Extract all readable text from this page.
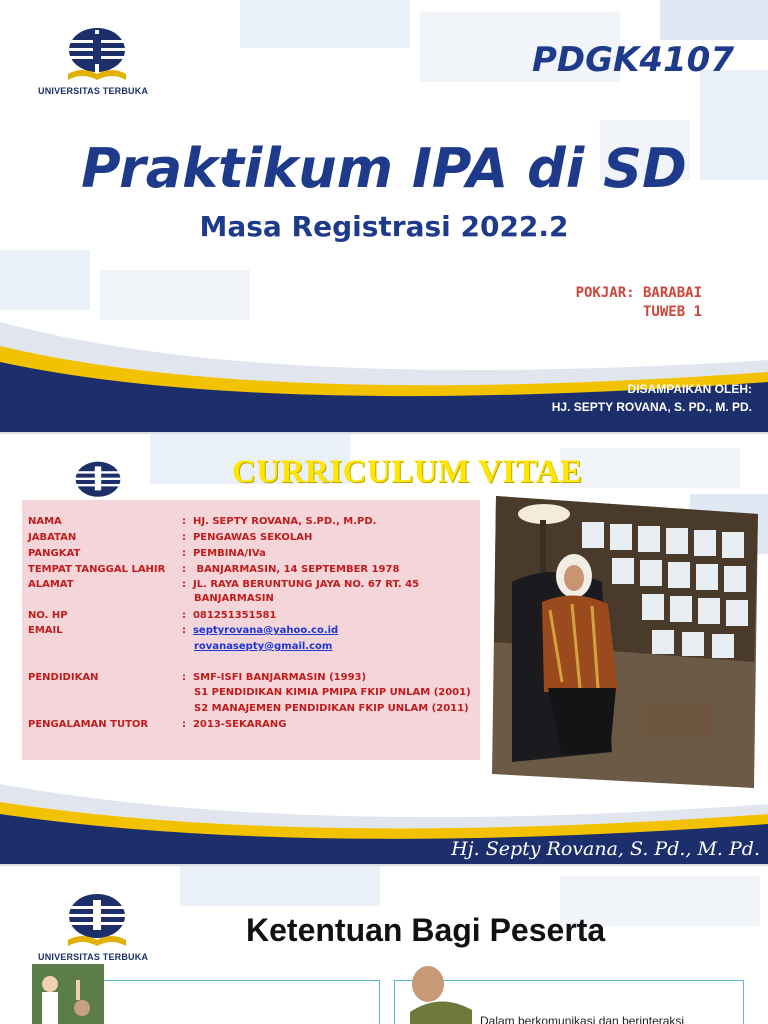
UNIVERSITAS TERBUKA
PDGK4107
Praktikum IPA di SD
Masa Registrasi 2022.2
POKJAR: BARABAI
TUWEB 1
DISAMPAIKAN OLEH:
HJ. SEPTY ROVANA, S. PD., M. PD.
CURRICULUM VITAE
NAMA	: HJ. SEPTY ROVANA, S.PD., M.PD.
JABATAN	: PENGAWAS SEKOLAH
PANGKAT	: PEMBINA/IVa
TEMPAT TANGGAL LAHIR :   BANJARMASIN, 14 SEPTEMBER 1978
ALAMAT	: JL. RAYA BERUNTUNG JAYA NO. 67 RT. 45
BANJARMASIN
NO. HP	: 081251351581
EMAIL	: septyrovana@yahoo.co.id
rovanasepty@gmail.com
PENDIDIKAN	: SMF-ISFI BANJARMASIN (1993)
S1 PENDIDIKAN KIMIA PMIPA FKIP UNLAM (2001)
S2 MANAJEMEN PENDIDIKAN FKIP UNLAM (2011)
PENGALAMAN TUTOR	: 2013-SEKARANG
Hj. Septy Rovana, S. Pd., M. Pd.
UNIVERSITAS TERBUKA
Ketentuan Bagi Peserta
Dalam berkomunikasi dan berinteraksi
